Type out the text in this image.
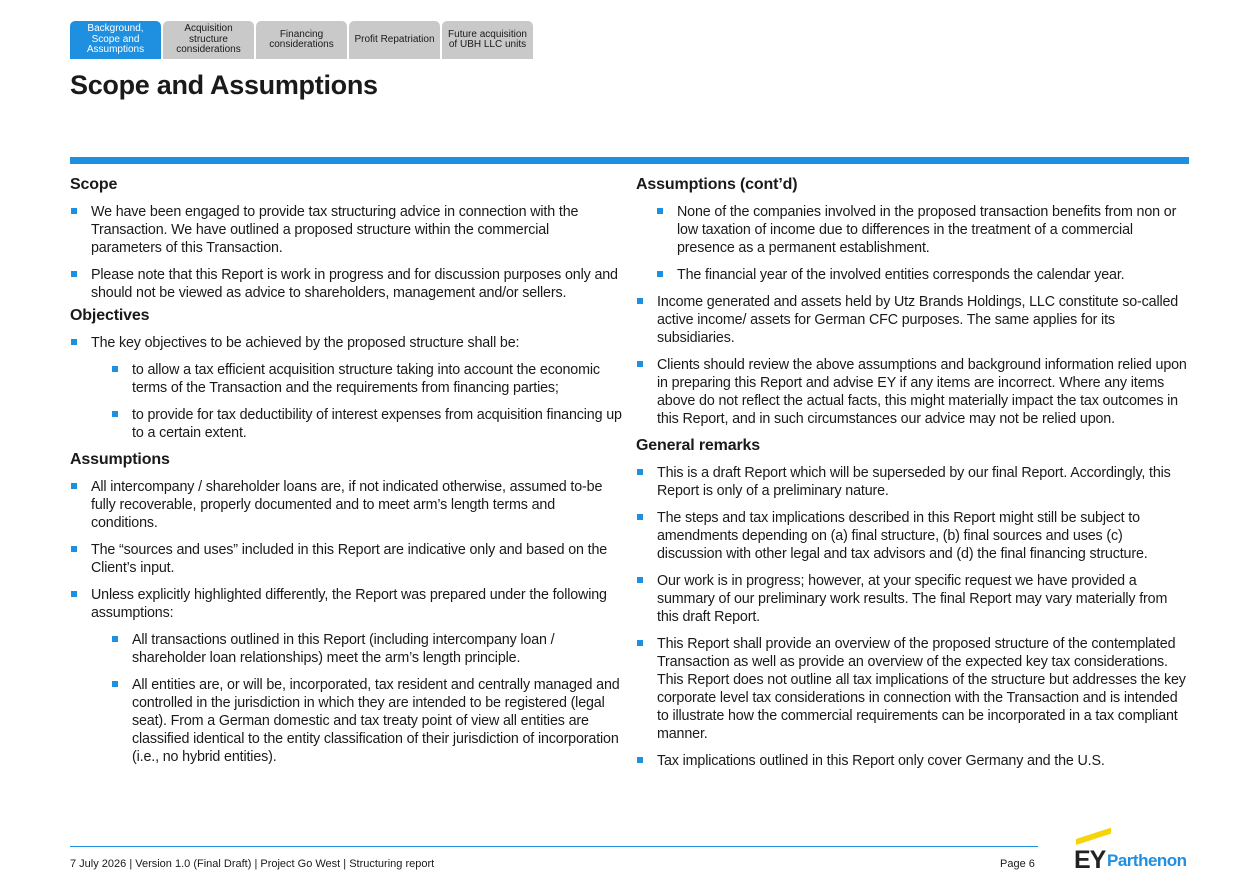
Background, Scope and Assumptions
Acquisition structure considerations
Financing considerations	Profit Repatriation	Future acquisition of UBH LLC units
Scope and Assumptions
Scope
We have been engaged to provide tax structuring advice in connection with the Transaction. We have outlined a proposed structure within the commercial parameters of this Transaction.
Please note that this Report is work in progress and for discussion purposes only and should not be viewed as advice to shareholders, management and/or sellers.
Objectives
The key objectives to be achieved by the proposed structure shall be:
to allow a tax efficient acquisition structure taking into account the economic terms of the Transaction and the requirements from financing parties;
to provide for tax deductibility of interest expenses from acquisition financing up to a certain extent.
Assumptions
All intercompany / shareholder loans are, if not indicated otherwise, assumed to-be fully recoverable, properly documented and to meet arm’s length terms and conditions.
The “sources and uses” included in this Report are indicative only and based on the Client’s input.
Unless explicitly highlighted differently, the Report was prepared under the following assumptions:
All transactions outlined in this Report (including intercompany loan / shareholder loan relationships) meet the arm’s length principle.
All entities are, or will be, incorporated, tax resident and centrally managed and controlled in the jurisdiction in which they are intended to be registered (legal seat). From a German domestic and tax treaty point of view all entities are classified identical to the entity classification of their jurisdiction of incorporation (i.e., no hybrid entities).
Assumptions (cont’d)
None of the companies involved in the proposed transaction benefits from non or low taxation of income due to differences in the treatment of a commercial presence as a permanent establishment.
The financial year of the involved entities corresponds the calendar year.
Income generated and assets held by Utz Brands Holdings, LLC constitute so-called active income/ assets for German CFC purposes. The same applies for its subsidiaries.
Clients should review the above assumptions and background information relied upon in preparing this Report and advise EY if any items are incorrect. Where any items above do not reflect the actual facts, this might materially impact the tax outcomes in this Report, and in such circumstances our advice may not be relied upon.
General remarks
This is a draft Report which will be superseded by our final Report. Accordingly, this Report is only of a preliminary nature.
The steps and tax implications described in this Report might still be subject to amendments depending on (a) final structure, (b) final sources and uses (c) discussion with other legal and tax advisors and (d) the final financing structure.
Our work is in progress; however, at your specific request we have provided a summary of our preliminary work results. The final Report may vary materially from this draft Report.
This Report shall provide an overview of the proposed structure of the contemplated Transaction as well as provide an overview of the expected key tax considerations. This Report does not outline all tax implications of the structure but addresses the key corporate level tax considerations in connection with the Transaction and is intended to illustrate how the commercial requirements can be incorporated in a tax compliant manner.
Tax implications outlined in this Report only cover Germany and the U.S.
7 July 2026 | Version 1.0 (Final Draft) | Project Go West | Structuring report	Page 6 EY Parthenon
